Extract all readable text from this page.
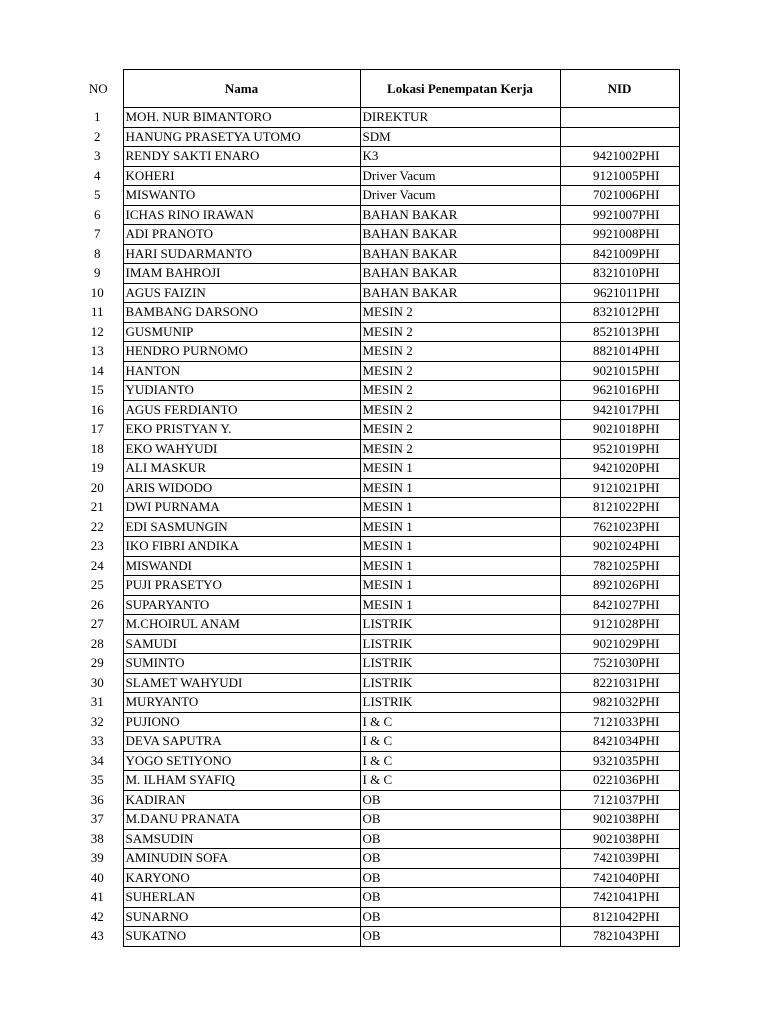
NO	Nama	Lokasi Penempatan Kerja	NID
1	MOH. NUR BIMANTORO	DIREKTUR	
2	HANUNG PRASETYA UTOMO	SDM	
3	RENDY SAKTI ENARO	K3	9421002PHI
4	KOHERI	Driver Vacum	9121005PHI
5	MISWANTO	Driver Vacum	7021006PHI
6	ICHAS RINO IRAWAN	BAHAN BAKAR	9921007PHI
7	ADI PRANOTO	BAHAN BAKAR	9921008PHI
8	HARI SUDARMANTO	BAHAN BAKAR	8421009PHI
9	IMAM BAHROJI	BAHAN BAKAR	8321010PHI
10	AGUS FAIZIN	BAHAN BAKAR	9621011PHI
11	BAMBANG DARSONO	MESIN 2	8321012PHI
12	GUSMUNIP	MESIN 2	8521013PHI
13	HENDRO PURNOMO	MESIN 2	8821014PHI
14	HANTON	MESIN 2	9021015PHI
15	YUDIANTO	MESIN 2	9621016PHI
16	AGUS FERDIANTO	MESIN 2	9421017PHI
17	EKO PRISTYAN Y.	MESIN 2	9021018PHI
18	EKO WAHYUDI	MESIN 2	9521019PHI
19	ALI MASKUR	MESIN 1	9421020PHI
20	ARIS WIDODO	MESIN 1	9121021PHI
21	DWI PURNAMA	MESIN 1	8121022PHI
22	EDI SASMUNGIN	MESIN 1	7621023PHI
23	IKO FIBRI ANDIKA	MESIN 1	9021024PHI
24	MISWANDI	MESIN 1	7821025PHI
25	PUJI PRASETYO	MESIN 1	8921026PHI
26	SUPARYANTO	MESIN 1	8421027PHI
27	M.CHOIRUL ANAM	LISTRIK	9121028PHI
28	SAMUDI	LISTRIK	9021029PHI
29	SUMINTO	LISTRIK	7521030PHI
30	SLAMET WAHYUDI	LISTRIK	8221031PHI
31	MURYANTO	LISTRIK	9821032PHI
32	PUJIONO	I & C	7121033PHI
33	DEVA SAPUTRA	I & C	8421034PHI
34	YOGO SETIYONO	I & C	9321035PHI
35	M. ILHAM SYAFIQ	I & C	0221036PHI
36	KADIRAN	OB	7121037PHI
37	M.DANU PRANATA	OB	9021038PHI
38	SAMSUDIN	OB	9021038PHI
39	AMINUDIN SOFA	OB	7421039PHI
40	KARYONO	OB	7421040PHI
41	SUHERLAN	OB	7421041PHI
42	SUNARNO	OB	8121042PHI
43	SUKATNO	OB	7821043PHI
